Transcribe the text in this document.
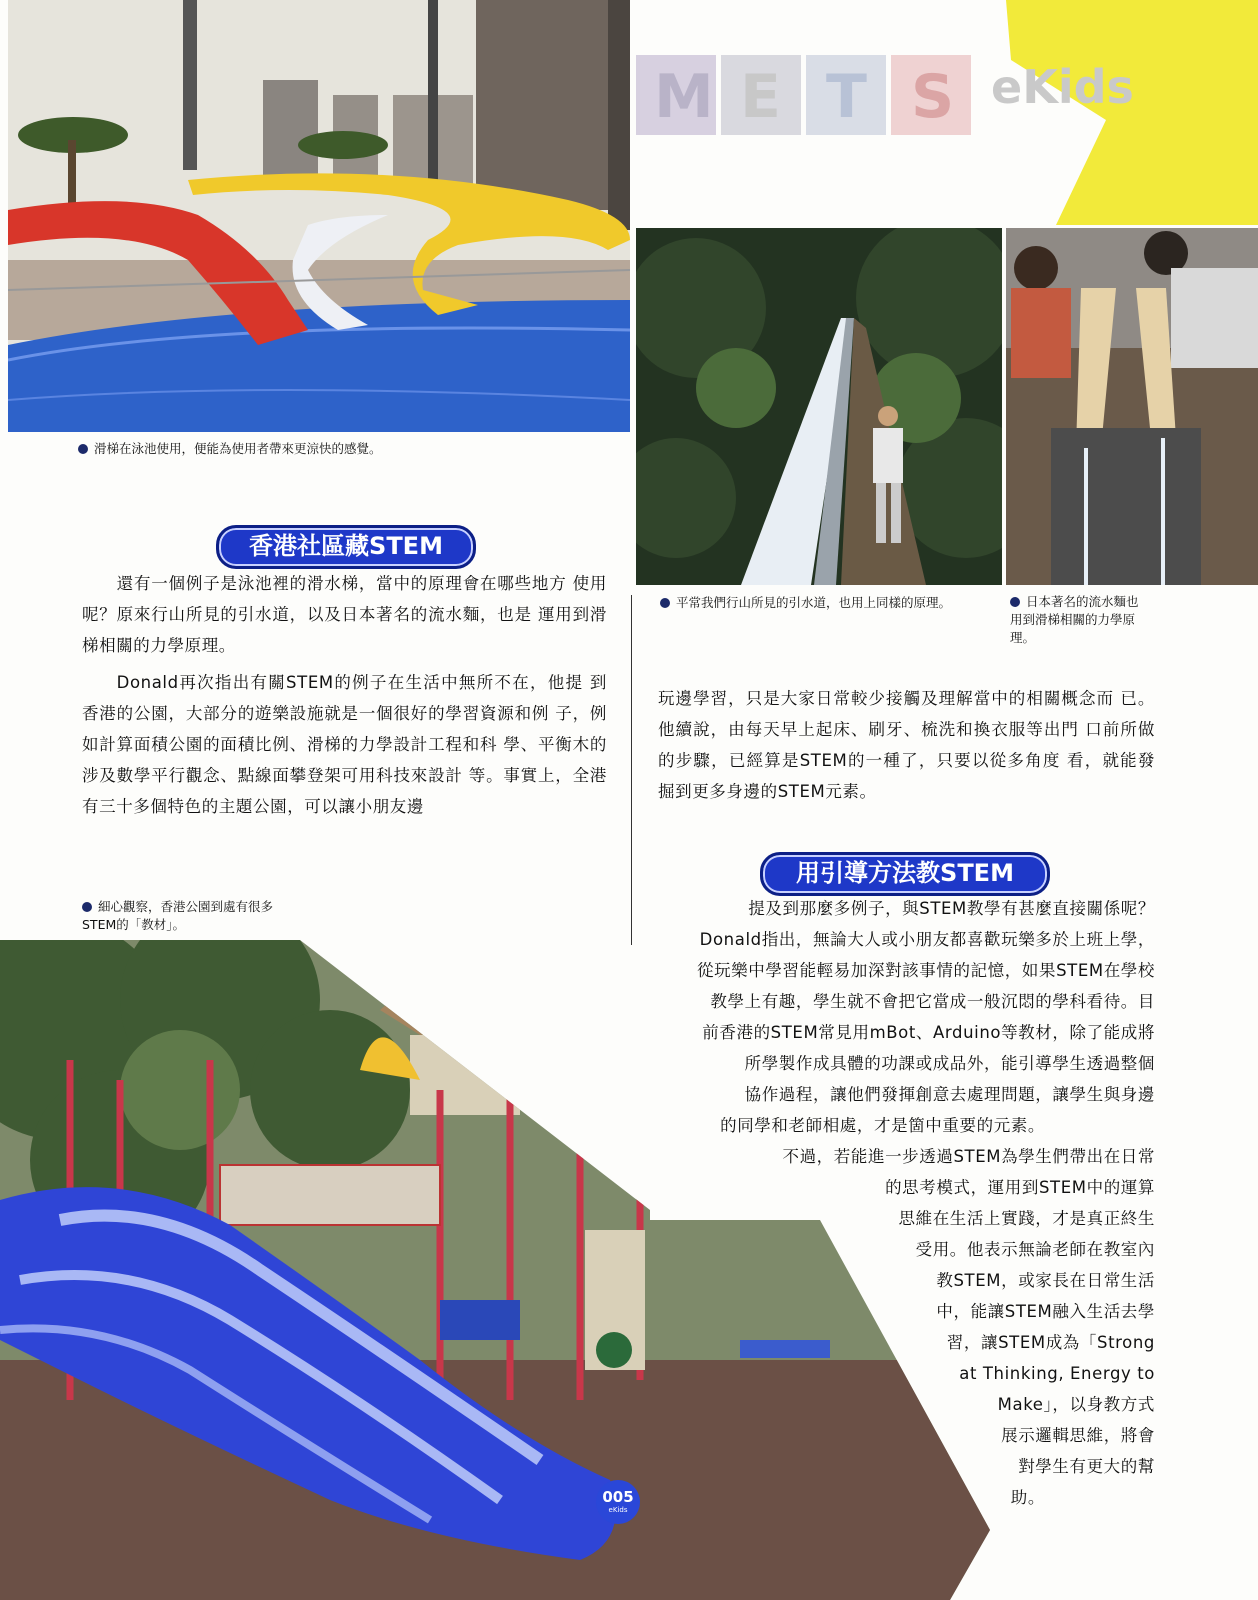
滑梯在泳池使用，便能為使用者帶來更涼快的感覺。
M E T S eKids
平常我們行山所見的引水道，也用上同樣的原理。	日本著名的流水麵也
用到滑梯相關的力學原
理。
香港社區藏STEM

還有一個例子是泳池裡的滑水梯，當中的原理會在哪些地方 使用呢？原來行山所見的引水道，以及日本著名的流水麵，也是 運用到滑梯相關的力學原理。

Donald再次指出有關STEM的例子在生活中無所不在，他提 到香港的公園，大部分的遊樂設施就是一個很好的學習資源和例 子，例如計算面積公園的面積比例、滑梯的力學設計工程和科 學、平衡木的涉及數學平行觀念、點線面攀登架可用科技來設計 等。事實上，全港有三十多個特色的主題公園，可以讓小朋友邊

玩邊學習，只是大家日常較少接觸及理解當中的相關概念而 已。他續說，由每天早上起床、刷牙、梳洗和換衣服等出門 口前所做的步驟，已經算是STEM的一種了，只要以從多角度 看，就能發掘到更多身邊的STEM元素。

細心觀察，香港公園到處有很多
STEM的「教材」。
用引導方法教STEM
提及到那麼多例子，與STEM教學有甚麼直接關係呢？
Donald指出，無論大人或小朋友都喜歡玩樂多於上班上學，
從玩樂中學習能輕易加深對該事情的記憶，如果STEM在學校
教學上有趣，學生就不會把它當成一般沉悶的學科看待。目
前香港的STEM常見用mBot、Arduino等教材，除了能成將
所學製作成具體的功課或成品外，能引導學生透過整個
協作過程，讓他們發揮創意去處理問題，讓學生與身邊
的同學和老師相處，才是箇中重要的元素。
不過，若能進一步透過STEM為學生們帶出在日常
的思考模式，運用到STEM中的運算
思維在生活上實踐，才是真正終生
受用。他表示無論老師在教室內
教STEM，或家長在日常生活
中，能讓STEM融入生活去學
習，讓STEM成為「Strong
at Thinking, Energy to
Make」，以身教方式
展示邏輯思維，將會
對學生有更大的幫
助。
005
eKids
